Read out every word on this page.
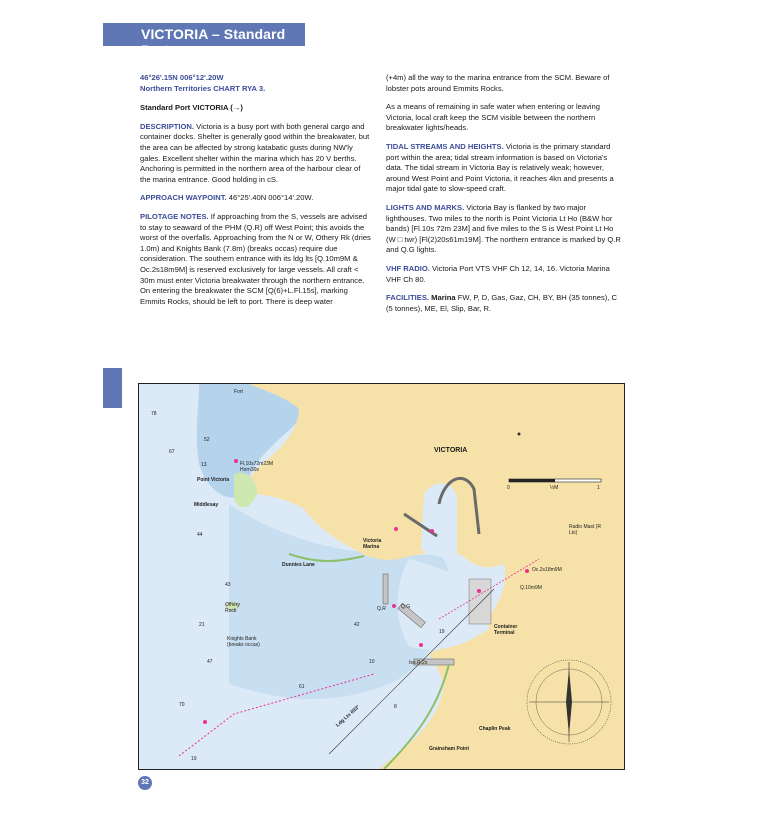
VICTORIA – Standard Port

46°26'.15N 006°12'.20W
Northern Territories CHART RYA 3.

Standard Port VICTORIA (→)

DESCRIPTION. Victoria is a busy port with both general cargo and container docks. Shelter is generally good within the breakwater, but the area can be affected by strong katabatic gusts during NW'ly gales. Excellent shelter within the marina which has 20 V berths. Anchoring is permitted in the northern area of the harbour clear of the marina entrance. Good holding in cS.

APPROACH WAYPOINT. 46°25'.40N 006°14'.20W.

PILOTAGE NOTES. If approaching from the S, vessels are advised to stay to seaward of the PHM (Q.R) off West Point; this avoids the worst of the overfalls. Approaching from the N or W, Othery Rk (dries 1.0m) and Knights Bank (7.8m) (breaks occas) require due consideration. The southern entrance with its ldg lts [Q.10m9M & Oc.2s18m9M] is reserved exclusively for large vessels. All craft < 30m must enter Victoria breakwater through the northern entrance. On entering the breakwater the SCM [Q(6)+L.Fl.15s], marking Emmits Rocks, should be left to port. There is deep water

(+4m) all the way to the marina entrance from the SCM. Beware of lobster pots around Emmits Rocks.

As a means of remaining in safe water when entering or leaving Victoria, local craft keep the SCM visible between the northern breakwater lights/heads.

TIDAL STREAMS AND HEIGHTS. Victoria is the primary standard port within the area; tidal stream information is based on Victoria's data. The tidal stream in Victoria Bay is relatively weak; however, around West Point and Point Victoria, it reaches 4kn and presents a major tidal gate to slow-speed craft.

LIGHTS AND MARKS. Victoria Bay is flanked by two major lighthouses. Two miles to the north is Point Victoria Lt Ho (B&W hor bands) [Fl.10s 72m 23M] and five miles to the S is West Point Lt Ho (W □ twr) [Fl(2)20s61m19M]. The northern entrance is marked by Q.R and Q.G lights.

VHF RADIO. Victoria Port VTS VHF Ch 12, 14, 16. Victoria Marina VHF Ch 80.

FACILITIES. Marina FW, P, D, Gas, Gaz, CH, BY, BH (35 tonnes), C (5 tonnes), ME, El, Slip, Bar, R.

VICTORIA
Fort
Point Victoria
Middlesay
Dunnies Lane
Victoria Marina
Othery Rock
Knights Bank (breaks occas)
Container Terminal
Chaplin Peak
Grainsham Point
Fl.10s72m23M Horn30s
Radio Mast (R Lts)
0	½M	1
Ldg Lts 093°
Q.R	Q.G
Oc.2s18m9M
Q.10m9M
Iso.R.2s
78
52
67
13
44
43
21
47
70
19
42
61
10
19
8
32
